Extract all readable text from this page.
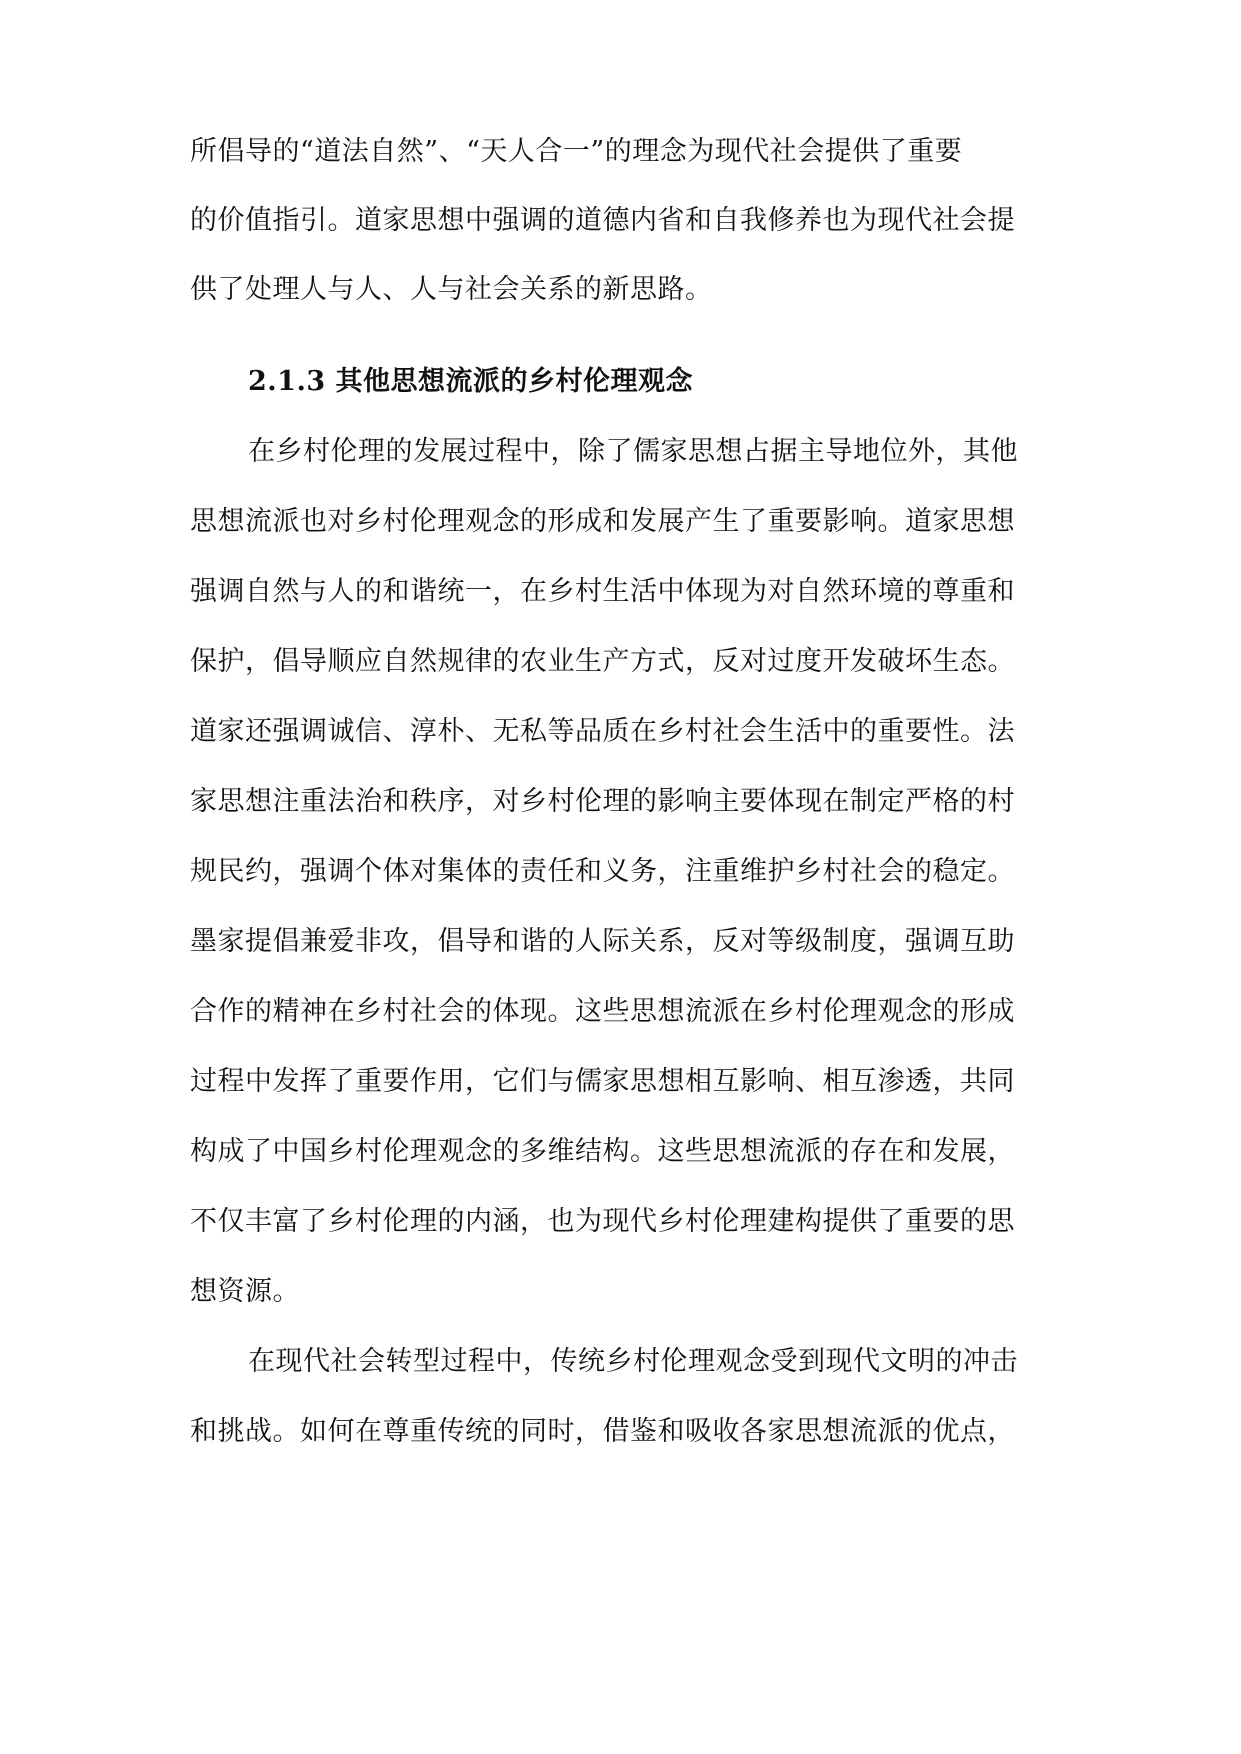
所倡导的“道法自然”、“天人合一”的理念为现代社会提供了重要
的价值指引。道家思想中强调的道德内省和自我修养也为现代社会提
供了处理人与人、人与社会关系的新思路。
2.1.3 其他思想流派的乡村伦理观念
在乡村伦理的发展过程中，除了儒家思想占据主导地位外，其他
思想流派也对乡村伦理观念的形成和发展产生了重要影响。道家思想
强调自然与人的和谐统一，在乡村生活中体现为对自然环境的尊重和
保护，倡导顺应自然规律的农业生产方式，反对过度开发破坏生态。
道家还强调诚信、淳朴、无私等品质在乡村社会生活中的重要性。法
家思想注重法治和秩序，对乡村伦理的影响主要体现在制定严格的村
规民约，强调个体对集体的责任和义务，注重维护乡村社会的稳定。
墨家提倡兼爱非攻，倡导和谐的人际关系，反对等级制度，强调互助
合作的精神在乡村社会的体现。这些思想流派在乡村伦理观念的形成
过程中发挥了重要作用，它们与儒家思想相互影响、相互渗透，共同
构成了中国乡村伦理观念的多维结构。这些思想流派的存在和发展，
不仅丰富了乡村伦理的内涵，也为现代乡村伦理建构提供了重要的思
想资源。
在现代社会转型过程中，传统乡村伦理观念受到现代文明的冲击
和挑战。如何在尊重传统的同时，借鉴和吸收各家思想流派的优点，
